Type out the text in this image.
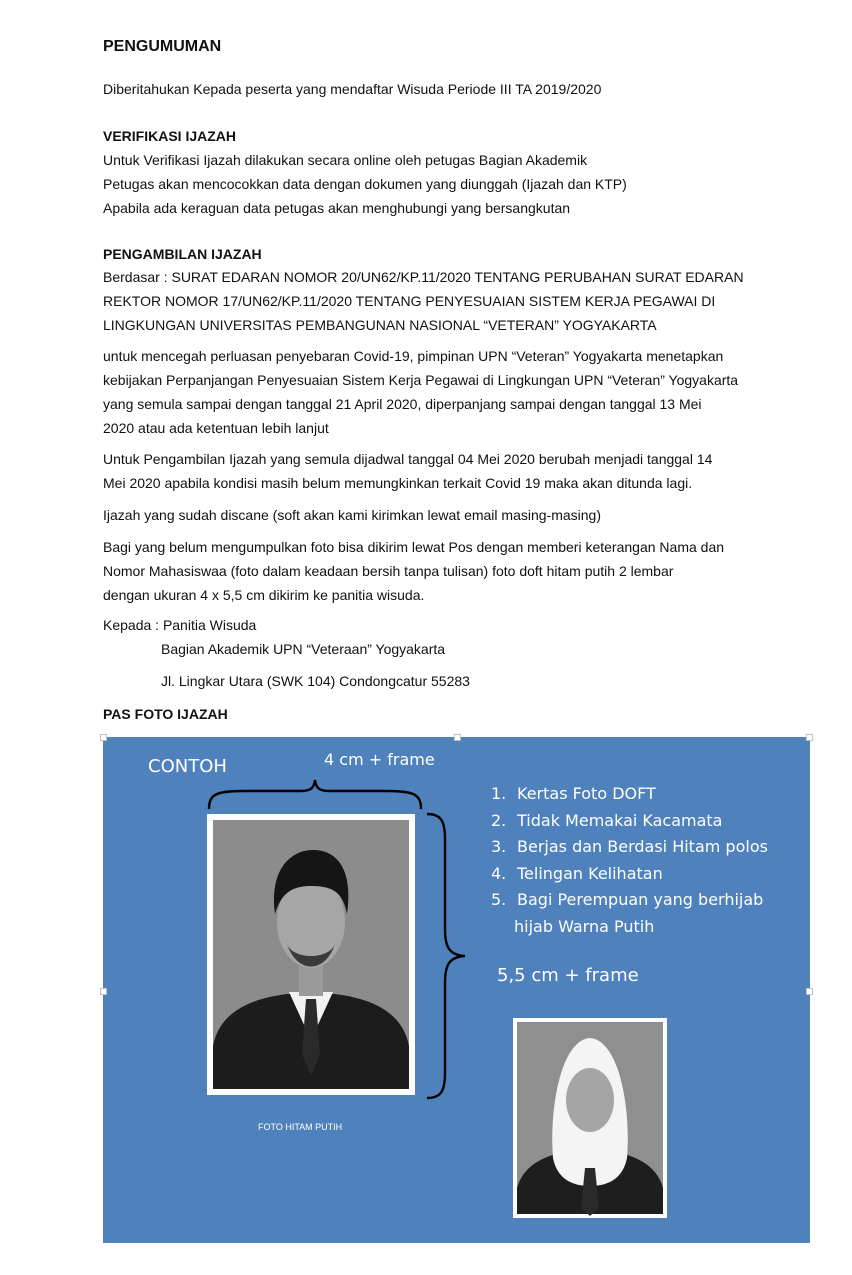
PENGUMUMAN
Diberitahukan Kepada peserta yang mendaftar Wisuda Periode III TA 2019/2020
VERIFIKASI IJAZAH
Untuk Verifikasi Ijazah dilakukan secara online oleh petugas Bagian Akademik
Petugas akan mencocokkan data dengan dokumen yang diunggah (Ijazah dan KTP)
Apabila ada keraguan data petugas akan menghubungi yang bersangkutan
PENGAMBILAN IJAZAH
Berdasar : SURAT EDARAN NOMOR 20/UN62/KP.11/2020 TENTANG PERUBAHAN SURAT EDARAN
REKTOR NOMOR 17/UN62/KP.11/2020 TENTANG PENYESUAIAN SISTEM KERJA PEGAWAI DI
LINGKUNGAN UNIVERSITAS PEMBANGUNAN NASIONAL “VETERAN” YOGYAKARTA
untuk mencegah perluasan penyebaran Covid-19, pimpinan UPN “Veteran” Yogyakarta menetapkan
kebijakan Perpanjangan Penyesuaian Sistem Kerja Pegawai di Lingkungan UPN “Veteran” Yogyakarta
yang semula sampai dengan tanggal 21 April 2020, diperpanjang sampai dengan tanggal 13 Mei
2020 atau ada ketentuan lebih lanjut
Untuk Pengambilan Ijazah yang semula dijadwal tanggal 04 Mei 2020 berubah menjadi tanggal 14
Mei 2020 apabila kondisi masih belum memungkinkan terkait Covid 19 maka akan ditunda lagi.
Ijazah yang sudah discane (soft akan kami kirimkan lewat email masing-masing)
Bagi yang belum mengumpulkan foto bisa dikirim lewat Pos dengan memberi keterangan Nama dan
Nomor Mahasiswaa (foto dalam keadaan bersih tanpa tulisan) foto doft hitam putih 2 lembar
dengan ukuran 4 x 5,5 cm dikirim ke panitia wisuda.
Kepada : Panitia Wisuda
Bagian Akademik UPN “Veteraan” Yogyakarta
Jl. Lingkar Utara (SWK 104) Condongcatur 55283
PAS FOTO IJAZAH
CONTOH	4 cm + frame
FOTO HITAM PUTIH
1. Kertas Foto DOFT
2. Tidak Memakai Kacamata
3. Berjas dan Berdasi Hitam polos
4. Telingan Kelihatan
5. Bagi Perempuan yang berhijab
hijab Warna Putih
5,5 cm + frame
